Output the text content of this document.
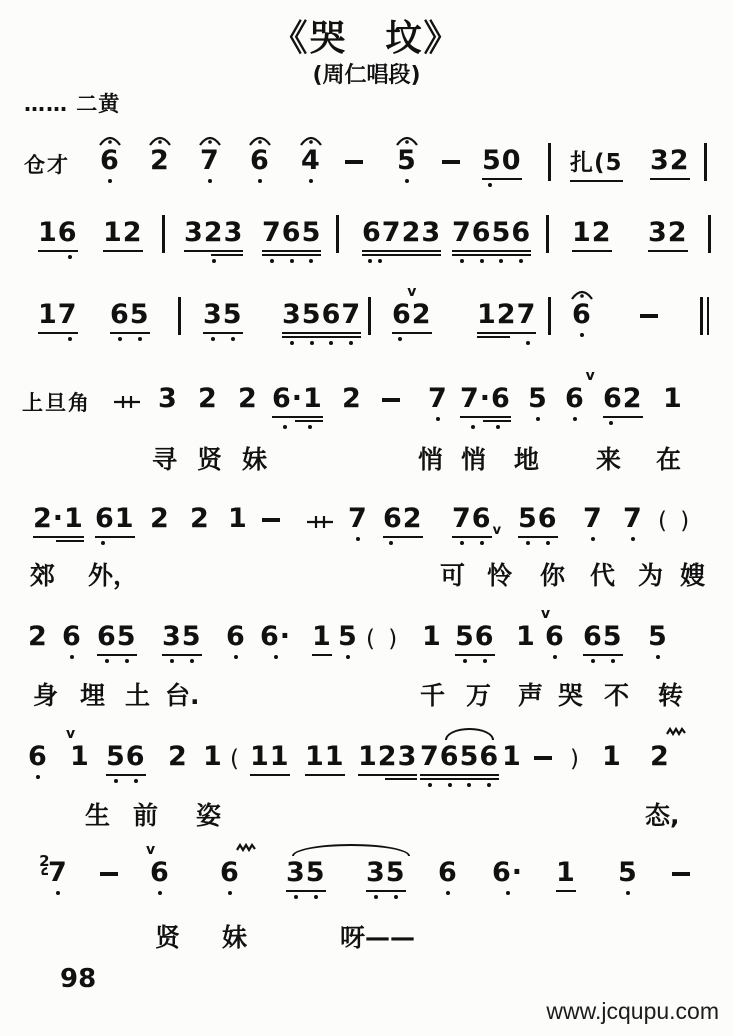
《哭　坟》
(周仁唱段)
…… 二黄
仓才 6 2 7 6 4	5 50 扎(5 32
16 12 323 765 6723 7656 12 32
17 65 35 3567
v
62 127 6
上旦角 3 2 2 6·1 2 7 7·6 5
v
6 62 1
寻 贤 妹	悄 悄 地 来 在
2·1 61 2 2 1	7 62 76 v 56 7 7 ( )
郊 外，	可 怜 你 代 为 嫂
2 6 65 35 6 6· 1 5 ( ) 1 56 1
v
6 65 5
身 埋 土 台.	千 万 声 哭 不 转
6
v
1 56 2 1 ( 11 11 123 7656 1 ) 1 2
生 前 姿	态,
2
7
v
6 6 35 35 6 6· 1 5
贤 妹	呀——
98
www.jcqupu.com
